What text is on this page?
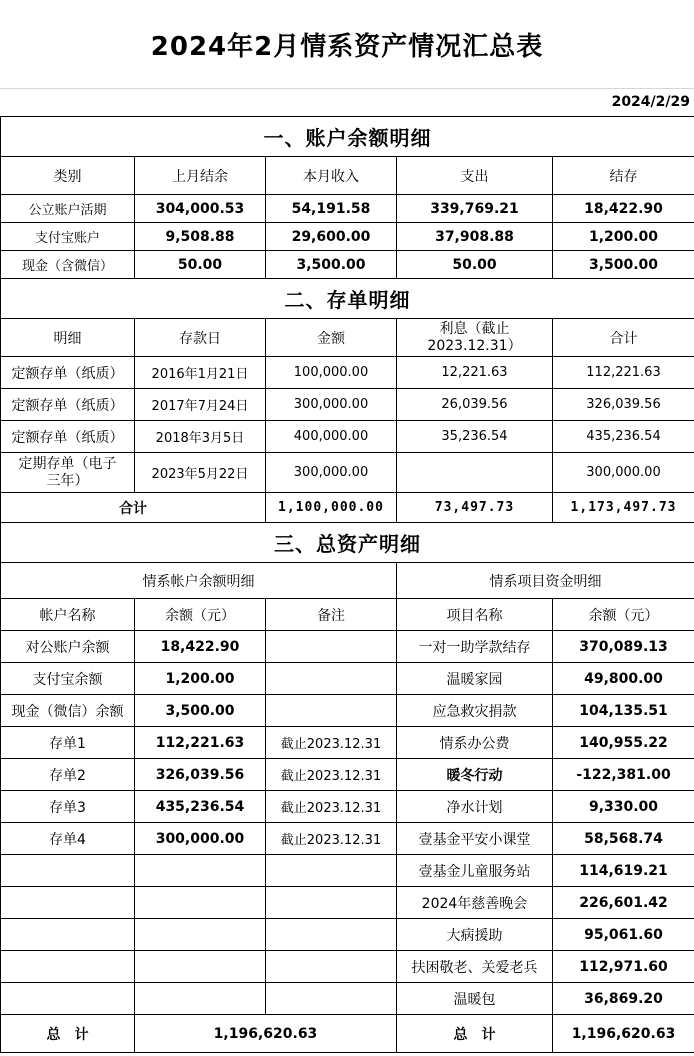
2024年2月情系资产情况汇总表
2024/2/29
一、账户余额明细				
类别	上月结余	本月收入	支出	结存
公立账户活期	304,000.53	54,191.58	339,769.21	18,422.90
支付宝账户	9,508.88	29,600.00	37,908.88	1,200.00
现金（含微信）	50.00	3,500.00	50.00	3,500.00
二、存单明细				
明细	存款日	金额	利息（截止2023.12.31）	合计
定额存单（纸质）	2016年1月21日	100,000.00	12,221.63	112,221.63
定额存单（纸质）	2017年7月24日	300,000.00	26,039.56	326,039.56
定额存单（纸质）	2018年3月5日	400,000.00	35,236.54	435,236.54
定期存单（电子三年）	2023年5月22日	300,000.00		300,000.00
合计		1,100,000.00	73,497.73	1,173,497.73
三、总资产明细				
情系帐户余额明细			情系项目资金明细	
帐户名称	余额（元）	备注	项目名称	余额（元）
对公账户余额	18,422.90		一对一助学款结存	370,089.13
支付宝余额	1,200.00		温暖家园	49,800.00
现金（微信）余额	3,500.00		应急救灾捐款	104,135.51
存单1	112,221.63	截止2023.12.31	情系办公费	140,955.22
存单2	326,039.56	截止2023.12.31	暖冬行动	-122,381.00
存单3	435,236.54	截止2023.12.31	净水计划	9,330.00
存单4	300,000.00	截止2023.12.31	壹基金平安小课堂	58,568.74
			壹基金儿童服务站	114,619.21
			2024年慈善晚会	226,601.42
			大病援助	95,061.60
			扶困敬老、关爱老兵	112,971.60
			温暖包	36,869.20
总　计	1,196,620.63		总　计	1,196,620.63
